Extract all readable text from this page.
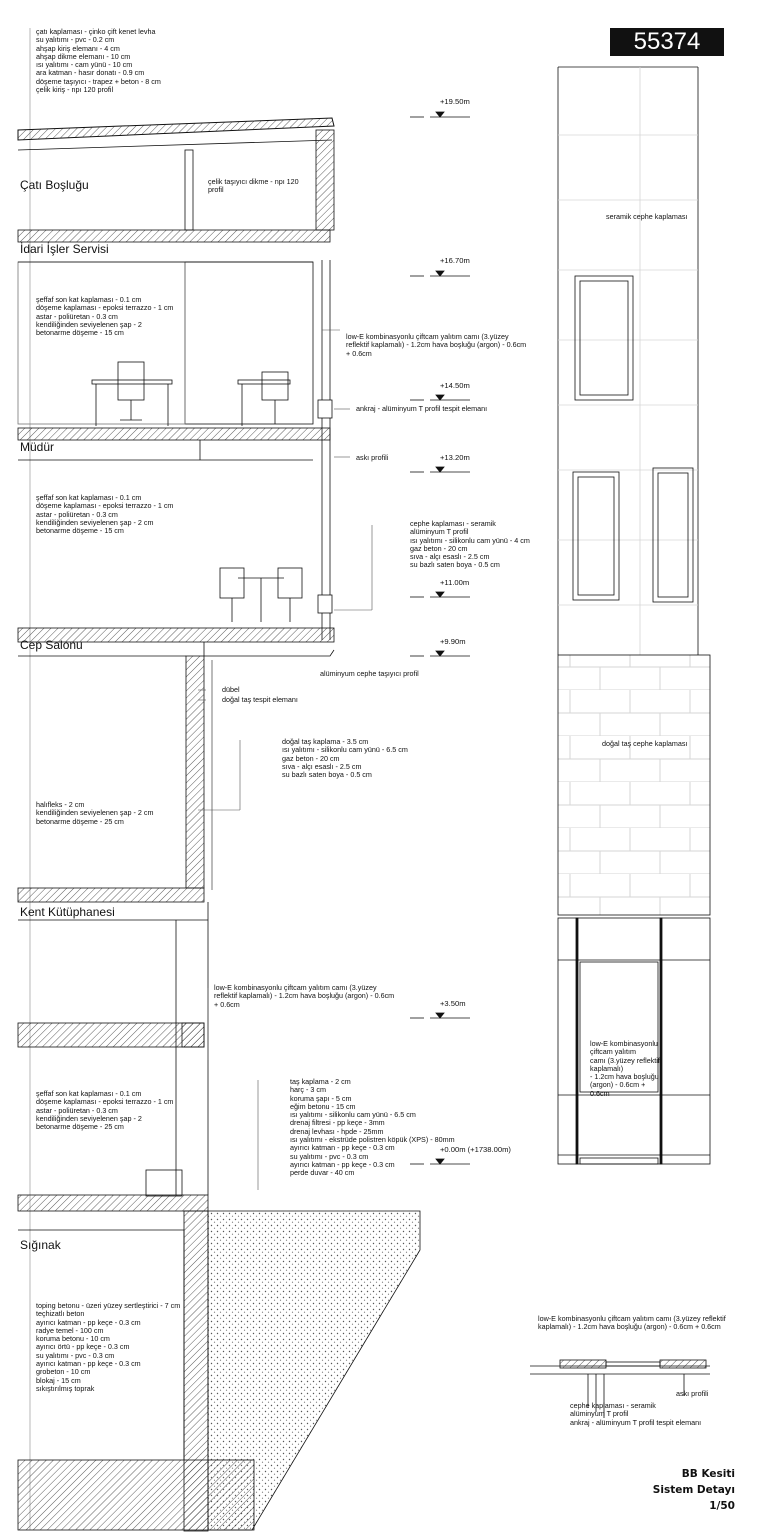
55374
Çatı Boşluğu
İdari İşler Servisi
Müdür
Cep Salonu
Kent Kütüphanesi
Sığınak
+19.50m
+16.70m
+14.50m
+13.20m
+11.00m
+9.90m
+3.50m
+0.00m (+1738.00m)
çatı kaplaması - çinko çift kenet levha
su yalıtımı - pvc - 0.2 cm
ahşap kiriş elemanı - 4 cm
ahşap dikme elemanı - 10 cm
ısı yalıtımı - cam yünü - 10 cm
ara katman - hasır donatı - 0.9 cm
döşeme taşıyıcı - trapez + beton - 8 cm
çelik kiriş - npı 120 profil
çelik taşıyıcı dikme - npı 120
profil
şeffaf son kat kaplaması - 0.1 cm
döşeme kaplaması - epoksi terrazzo - 1 cm
astar - poliüretan - 0.3 cm
kendiliğinden seviyelenen şap - 2
betonarme döşeme - 15 cm	low-E kombinasyonlu çiftcam yalıtım camı (3.yüzey
reflektif kaplamalı) - 1.2cm hava boşluğu (argon) - 0.6cm
+ 0.6cm
ankraj - alüminyum T profil tespit elemanı
askı profili
şeffaf son kat kaplaması - 0.1 cm
döşeme kaplaması - epoksi terrazzo - 1 cm
astar - poliüretan - 0.3 cm
kendiliğinden seviyelenen şap - 2 cm
betonarme döşeme - 15 cm
cephe kaplaması - seramik
alüminyum T profil
ısı yalıtımı - silikonlu cam yünü - 4 cm
gaz beton - 20 cm
sıva - alçı esaslı - 2.5 cm
su bazlı saten boya - 0.5 cm
alüminyum cephe taşıyıcı profil
dübel
doğal taş tespit elemanı
doğal taş kaplama - 3.5 cm
ısı yalıtımı - silikonlu cam yünü - 6.5 cm
gaz beton - 20 cm
sıva - alçı esaslı - 2.5 cm
su bazlı saten boya - 0.5 cm
halıfleks - 2 cm
kendiliğinden seviyelenen şap - 2 cm
betonarme döşeme - 25 cm
low-E kombinasyonlu çiftcam yalıtım camı (3.yüzey
reflektif kaplamalı) - 1.2cm hava boşluğu (argon) - 0.6cm
+ 0.6cm
şeffaf son kat kaplaması - 0.1 cm
döşeme kaplaması - epoksi terrazzo - 1 cm
astar - poliüretan - 0.3 cm
kendiliğinden seviyelenen şap - 2
betonarme döşeme - 25 cm
taş kaplama - 2 cm
harç - 3 cm
koruma şapı - 5 cm
eğim betonu - 15 cm
ısı yalıtımı - silikonlu cam yünü - 6.5 cm
drenaj filtresi - pp keçe - 3mm
drenaj levhası - hpde - 25mm
ısı yalıtımı - ekstrüde polistren köpük (XPS) - 80mm
ayırıcı katman - pp keçe - 0.3 cm
su yalıtımı - pvc - 0.3 cm
ayırıcı katman - pp keçe - 0.3 cm
perde duvar - 40 cm
toping betonu - üzeri yüzey sertleştirici - 7 cm
teçhizatlı beton
ayırıcı katman - pp keçe - 0.3 cm
radye temel - 100 cm
koruma betonu - 10 cm
ayırıcı örtü - pp keçe - 0.3 cm
su yalıtımı - pvc - 0.3 cm
ayırıcı katman - pp keçe - 0.3 cm
grobeton - 10 cm
blokaj - 15 cm
sıkıştırılmış toprak
seramik cephe kaplaması
doğal taş cephe kaplaması
low-E kombinasyonlu
çiftcam yalıtım
camı (3.yüzey reflektif
kaplamalı)
- 1.2cm hava boşluğu
(argon) - 0.6cm +
0.6cm
low-E kombinasyonlu çiftcam yalıtım camı (3.yüzey reflektif
kaplamalı) - 1.2cm hava boşluğu (argon) - 0.6cm + 0.6cm
askı profili
cephe kaplaması - seramik
alüminyum T profil
ankraj - alüminyum T profil tespit elemanı
BB Kesiti
Sistem Detayı
1/50
